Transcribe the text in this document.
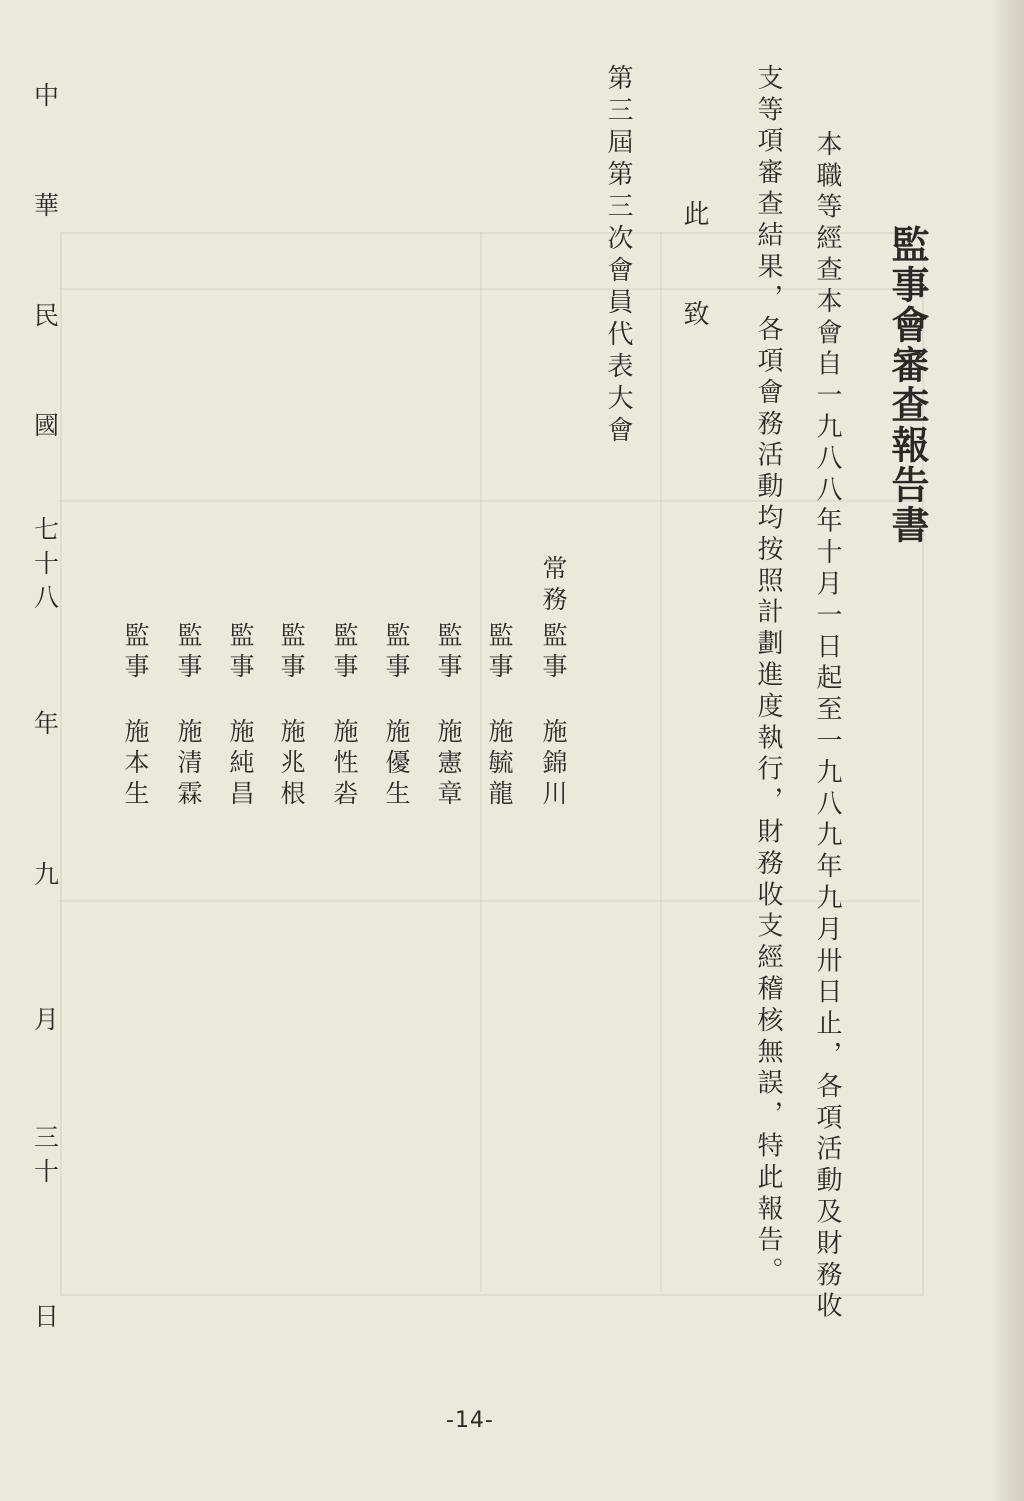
監事會審查報告書
本職等經查本會自一九八八年十月一日起至一九八九年九月卅日止，各項活動及財務收
支等項審查結果，各項會務活動均按照計劃進度執行，財務收支經稽核無誤，特此報告。
此
致
第三屆第三次會員代表大會
常務
監事
施錦川
監事
施毓龍
監事
施憲章
監事
施優生
監事
施性沯
監事
施兆根
監事
施純昌
監事
施清霖
監事
施本生
中
華
民
國
七
十
八
年
九
月
三
十
日
-14-
